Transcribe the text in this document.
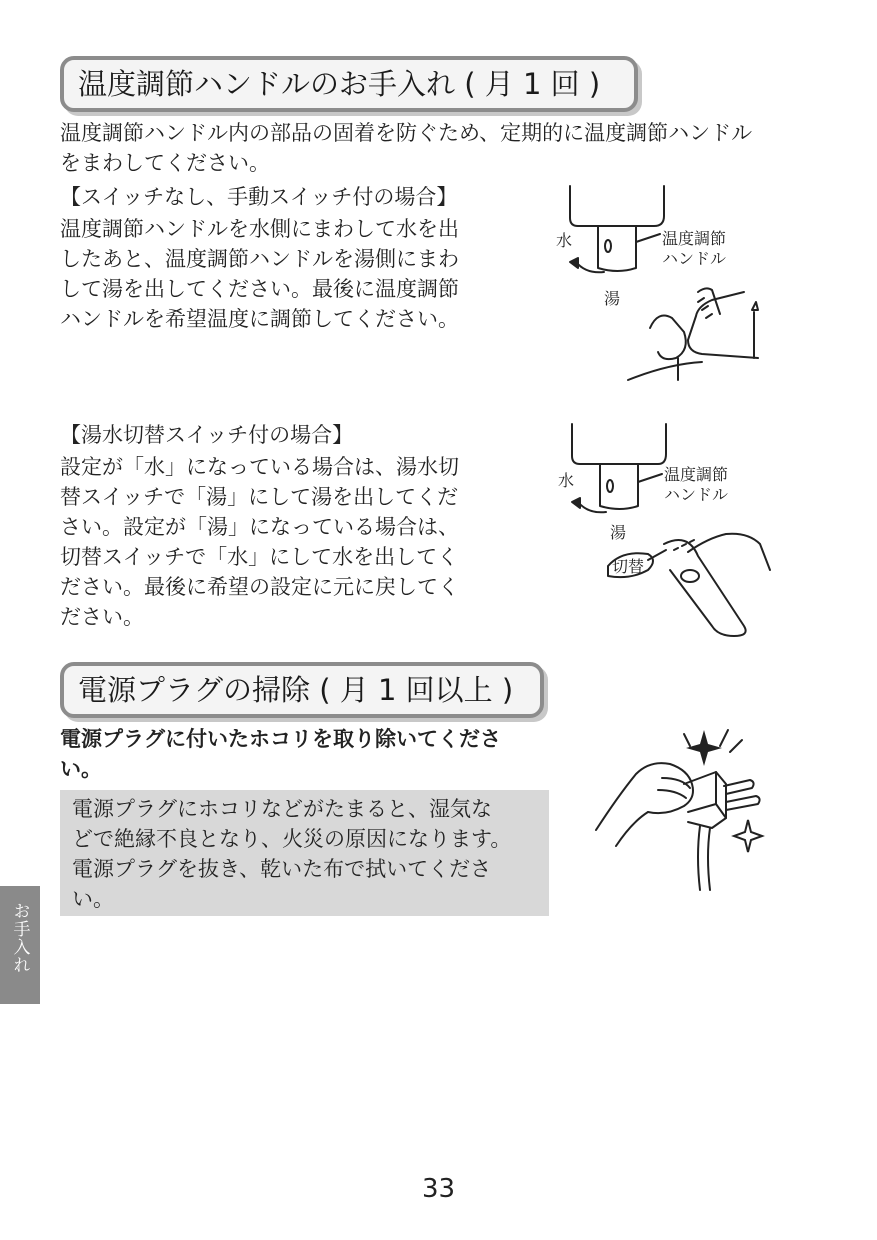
温度調節ハンドルのお手入れ ( 月 1 回 )

温度調節ハンドル内の部品の固着を防ぐため、定期的に温度調節ハンドル

をまわしてください。

【スイッチなし、手動スイッチ付の場合】

温度調節ハンドルを水側にまわして水を出

したあと、温度調節ハンドルを湯側にまわ

して湯を出してください。最後に温度調節

ハンドルを希望温度に調節してください。

水
湯
温度調節
ハンドル

【湯水切替スイッチ付の場合】

設定が「水」になっている場合は、湯水切

替スイッチで「湯」にして湯を出してくだ

さい。設定が「湯」になっている場合は、

切替スイッチで「水」にして水を出してく

ださい。最後に希望の設定に元に戻してく

ださい。

水
湯
温度調節
ハンドル
切替
電源プラグの掃除 ( 月 1 回以上 )

電源プラグに付いたホコリを取り除いてくださ

い。

電源プラグにホコリなどがたまると、湿気な
どで絶縁不良となり、火災の原因になります。
電源プラグを抜き、乾いた布で拭いてくださ
い。
お手入れ
33
